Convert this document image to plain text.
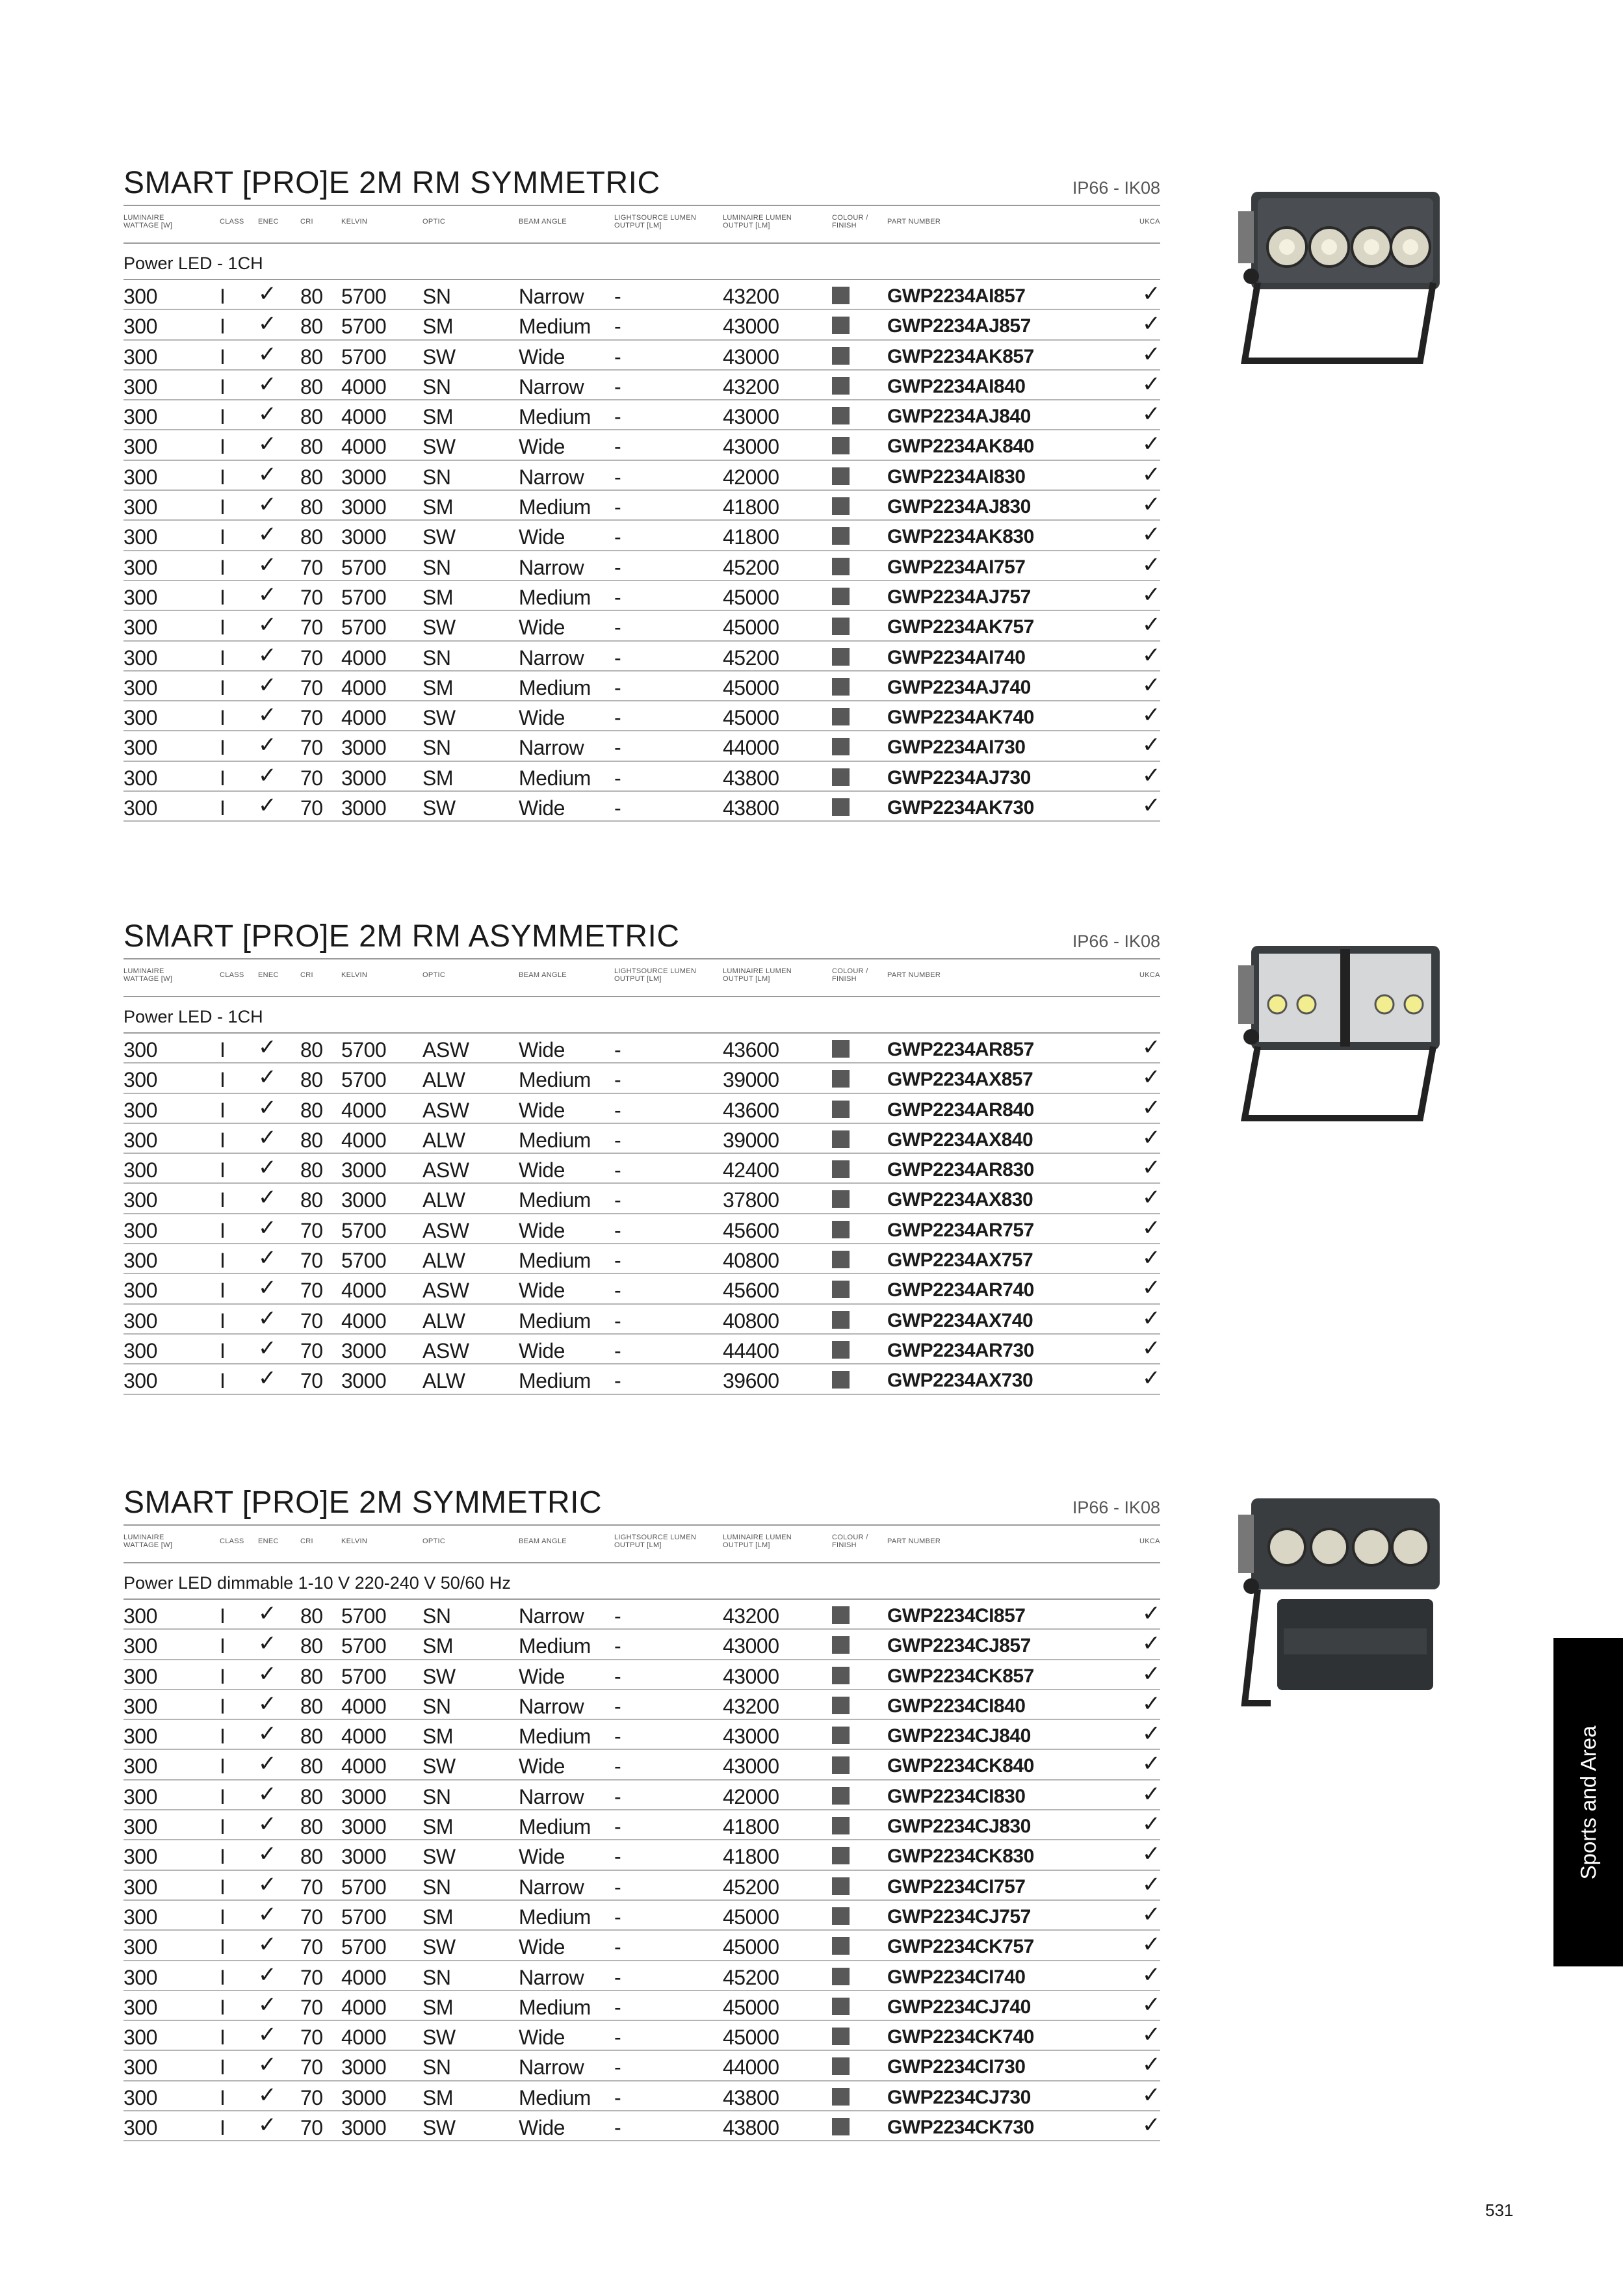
SMART [PRO]E 2M RM SYMMETRIC	IP66 - IK08
LUMINAIRE WATTAGE [W]	CLASS ENEC	CRI	KELVIN	OPTIC	BEAM ANGLE	LIGHTSOURCE LUMEN OUTPUT [LM]
LUMINAIRE LUMEN OUTPUT [LM]
COLOUR / FINISH	PART NUMBER	UKCA
Power LED - 1CH
300	I ✓ 80 5700 SN	Narrow -	43200	GWP2234AI857	✓
300	I ✓ 80 5700 SM	Medium -	43000	GWP2234AJ857	✓
300	I ✓ 80 5700 SW	Wide -	43000	GWP2234AK857	✓
300	I ✓ 80 4000 SN	Narrow -	43200	GWP2234AI840	✓
300	I ✓ 80 4000 SM	Medium -	43000	GWP2234AJ840	✓
300	I ✓ 80 4000 SW	Wide -	43000	GWP2234AK840	✓
300	I ✓ 80 3000 SN	Narrow -	42000	GWP2234AI830	✓
300	I ✓ 80 3000 SM	Medium -	41800	GWP2234AJ830	✓
300	I ✓ 80 3000 SW	Wide -	41800	GWP2234AK830	✓
300	I ✓ 70 5700 SN	Narrow -	45200	GWP2234AI757	✓
300	I ✓ 70 5700 SM	Medium -	45000	GWP2234AJ757	✓
300	I ✓ 70 5700 SW	Wide -	45000	GWP2234AK757	✓
300	I ✓ 70 4000 SN	Narrow -	45200	GWP2234AI740	✓
300	I ✓ 70 4000 SM	Medium -	45000	GWP2234AJ740	✓
300	I ✓ 70 4000 SW	Wide -	45000	GWP2234AK740	✓
300	I ✓ 70 3000 SN	Narrow -	44000	GWP2234AI730	✓
300	I ✓ 70 3000 SM	Medium -	43800	GWP2234AJ730	✓
300	I ✓ 70 3000 SW	Wide -	43800	GWP2234AK730	✓
SMART [PRO]E 2M RM ASYMMETRIC	IP66 - IK08
LUMINAIRE WATTAGE [W]	CLASS ENEC	CRI	KELVIN	OPTIC	BEAM ANGLE	LIGHTSOURCE LUMEN OUTPUT [LM]
LUMINAIRE LUMEN OUTPUT [LM]
COLOUR / FINISH	PART NUMBER	UKCA
Power LED - 1CH
300	I ✓ 80 5700 ASW Wide -	43600	GWP2234AR857	✓
300	I ✓ 80 5700 ALW	Medium -	39000	GWP2234AX857	✓
300	I ✓ 80 4000 ASW Wide -	43600	GWP2234AR840	✓
300	I ✓ 80 4000 ALW	Medium -	39000	GWP2234AX840	✓
300	I ✓ 80 3000 ASW Wide -	42400	GWP2234AR830	✓
300	I ✓ 80 3000 ALW	Medium -	37800	GWP2234AX830	✓
300	I ✓ 70 5700 ASW Wide -	45600	GWP2234AR757	✓
300	I ✓ 70 5700 ALW	Medium -	40800	GWP2234AX757	✓
300	I ✓ 70 4000 ASW Wide -	45600	GWP2234AR740	✓
300	I ✓ 70 4000 ALW	Medium -	40800	GWP2234AX740	✓
300	I ✓ 70 3000 ASW Wide -	44400	GWP2234AR730	✓
300	I ✓ 70 3000 ALW	Medium -	39600	GWP2234AX730	✓
SMART [PRO]E 2M SYMMETRIC	IP66 - IK08
LUMINAIRE WATTAGE [W]	CLASS ENEC	CRI	KELVIN	OPTIC	BEAM ANGLE	LIGHTSOURCE LUMEN OUTPUT [LM]
LUMINAIRE LUMEN OUTPUT [LM]
COLOUR / FINISH	PART NUMBER	UKCA
Power LED dimmable 1-10 V 220-240 V 50/60 Hz
300	I ✓ 80 5700 SN	Narrow -	43200	GWP2234CI857	✓
300	I ✓ 80 5700 SM	Medium -	43000	GWP2234CJ857	✓
300	I ✓ 80 5700 SW	Wide -	43000	GWP2234CK857	✓
300	I ✓ 80 4000 SN	Narrow -	43200	GWP2234CI840	✓
300	I ✓ 80 4000 SM	Medium -	43000	GWP2234CJ840	✓
300	I ✓ 80 4000 SW	Wide -	43000	GWP2234CK840	✓
300	I ✓ 80 3000 SN	Narrow -	42000	GWP2234CI830	✓
300	I ✓ 80 3000 SM	Medium -	41800	GWP2234CJ830	✓
300	I ✓ 80 3000 SW	Wide -	41800	GWP2234CK830	✓
300	I ✓ 70 5700 SN	Narrow -	45200	GWP2234CI757	✓
300	I ✓ 70 5700 SM	Medium -	45000	GWP2234CJ757	✓
300	I ✓ 70 5700 SW	Wide -	45000	GWP2234CK757	✓
300	I ✓ 70 4000 SN	Narrow -	45200	GWP2234CI740	✓
300	I ✓ 70 4000 SM	Medium -	45000	GWP2234CJ740	✓
300	I ✓ 70 4000 SW	Wide -	45000	GWP2234CK740	✓
300	I ✓ 70 3000 SN	Narrow -	44000	GWP2234CI730	✓
300	I ✓ 70 3000 SM	Medium -	43800	GWP2234CJ730	✓
300	I ✓ 70 3000 SW	Wide -	43800	GWP2234CK730	✓
Sports and Area
531
